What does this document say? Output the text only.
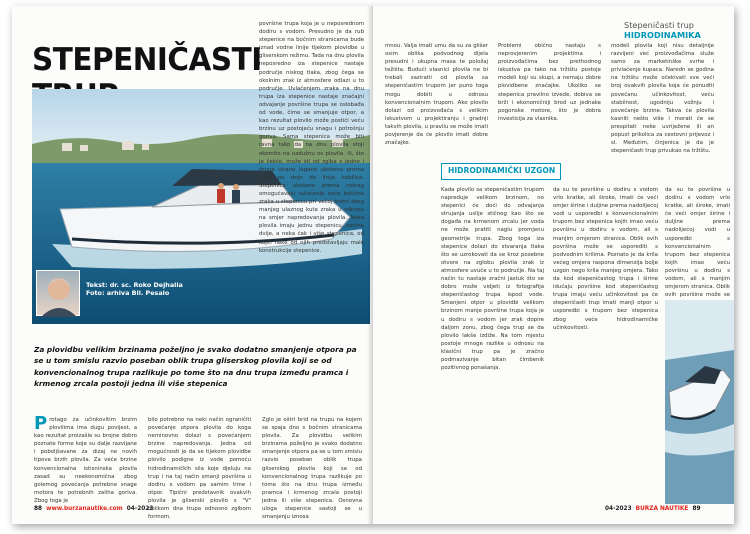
STEPENIČASTI
Tekst: dr. sc. Roko Dejhalla
Foto: arhiva Bll. Pesalo
Za plovidbu velikim brzinama poželjno je svako dodatno smanjenje otpora pa se u tom smislu razvio poseban oblik trupa gliserskog plovila koji se od konvencionalnog trupa razlikuje po tome što na dnu trupa između pramca i krmenog zrcala postoji jedna ili više stepenica
Protago za učinkovitim brzim plovilima ima dugu povijest, a kao rezultat proizašle su brojne dobro poznate forme koje su dalje razvijane i poboljšavane za dizaj ne novih tipova brzih plovila. Za veće brzine konvencionalna istisninska plovila zasad su neekonomična zbog golemog povećanja potrebne snage motora te potrebnih zaliha goriva. Zbog toga je
bilo potrebno na neki način ograničiti povećanje otpora plovila do koga neminovno dolazi s povećanjem brzine napredovanja. Jedna od mogućnosti je da se tijekom plovidbe plovilo podigne iz vode pomoću hidrodinamičkih sila koje djeluju na trup i na taj način smanji površina u dodiru s vodom pa samim time i otpor. Tipični predstavnik ovakvih plovila je gliserski plovilo s "V" oblikom dna trupa odnosno zgibom formom.
Zglo je oštri brid na trupu na kojem se spaja dno s bočnim stranicama plovila. Za plovidbu velikim brzinama poželjno je svako dodatno smanjenje otpora pa se u tom smislu razvio poseban oblik trupa gliserskog plovila koji se od konvencionalnog trupa razlikuje po tome što na dnu trupa između pramca i krmenog zrcala postoji jedna ili više stepenica. Osnovna uloga stepenice sastoji se u smanjenju iznosa
površine trupa koja je u neposrednom dodiru s vodom. Presudno je da rub stepenice na bočnim stranicama bude iznad vodne linije tijekom plovidbe u gliserskom režimu. Tada na dnu plovila neposredno iza stepenice nastaje područje niskog tlaka, zbog čega se okolnim zrak iz atmosfere odlazi u to područje. Uvlačenjem zraka na dnu trupa iza stepenice nastaje značajni odvajanje površine trupa se oslobađa od vode, čime se smanjuje otpor, a kao rezultat plovilo može postići veću brzinu uz postojeću snagu i potrošnju goriva. Sama stepenica može biti ravna tako da na dnu plovila stoji okomito na uzdužnu os plovila, ili, što je češće, može idi od zgiba s jedne i druge strane lagano ukošeno prema krmi po dnje do linije kobilice. Stepenice ukošene prema natrag omogućavaju uvlačenje veće količine zraka u stepenicu pri većoj brzini zbog manjeg ulaznog kuta zraka u odnosu na smjer napredovanja plovila. Neka plovila imaju jednu stepenicu, većina dvije, a neka čak i više stepenica, od kojih neke od njih predstavljaju male konstrukcije stepenice.
88 www.burzanautike.com 04-2023
Stepeničasti trup HIDRODINAMIKA
mnou. Valja imati umu da su za glišer osim oblika podvodnog dijela presudni i ukupna masa te položaj težišta. Budući vlasnici plovila ne bi trebali zaziratii od plovila sa stepeničastim trupom jer puno toga mogu dobiti u odnosu konvencionalnim trupom. Ako plovilo dolazi od proizvođača s velikim iskustvom u projektiranju i gradnji takvih plovila, u pravilu se može imati povjerenje da će plovilo imati dobre značajke.
Problemi obično nastaju s neprovjerenim projektima i proizvođačima bez prethodnog iskustva pa tako na tržištu postoje modeli koji su skupi, a nemaju dobre plovidbene značajke. Ukoliko se stepenica pravilno izvede, dobiva se brži i ekonomičniji brod uz jednake pogonske motore, što je dobra investicija za vlasnika.
modeli plovila koji nisu detaljnije razvijeni već proizvođačima služe samo za marketinške svrhe i privlačenje kupaca. Naredn se godina na tržištu može očekivati sve veći broj ovakvih plovila koja će ponuditi povećanu učinkovitost, veću stabilnost, ugodniju vožnju i povećanje brzine. Takva će plovila kasniti nešto više i morati će se prespitati neke uvriježene ili an popust prikolica za cestovni prijevoz i sl. Međutim, činjenica je da je stepeničasti trup privukao na tržištu.
HIDRODINAMIČKI UZGON
Kada plovilo sa stepeničastim trupom napreduje velikom brzinom, no stepenici će doći do odvajanja strujanja uslije stičnog kao što se događa na krmenom zrcalu jer voda ne može pratiti naglu promjenu geometrije trupa. Zbog toga iza stepenice dolazi do stvaranja tlaka što se uzrokovati da se kroz posebne otvore na zglobu plovila zrak iz atmosfere uvuče u to područje. Na taj način tu nastaje zračni jastuk što se dobro može vidjeti iz fotografija stepeničastog trupa ispod vode. Smanjeni otpor u plovidbi velikom brzinom manje površine trupa koja je u dodiru s vodom jer zrak dopire daljom zonu, zbog čega trup se da plovilo lakše izdiže. Na tom mjestu postoje mnoge razlike u odnosu na klasični trup pa je zračno podmazivanje bitan čimbenik pozitivnog ponašanja.
da su te površine u dodiru s vodom vrlo kratke, ali široke, imati će veći omjer širine i duljine prema nadolijećoj vodi u usporedbi s konvencionalnim trupom bez stepenica kojih imao veću površinu u dodiru s vodom, ali s manjim omjerom stranica. Oblik ovih površina može se usporediti s podvodnim krilima. Poznato je da krila većeg omjera raspona dimenzija bolje uzgon nego krila manjeg omjera. Tako da kod stepeničastog trupa i širine idućaju površine kod stepeničastog trupa imaju veću učinkovitost pa će stepeničasti trup imati manji otpor u usporedbi s trupom bez stepenica zbog veće hidrodinamičke učinkovitosti.
da su te površine u dodiru s vodom vrlo kratke, ali široke, imati će veći omjer širine i duljine prema nadolijećoj vodi u usporedbi s konvencionalnim trupom bez stepenica kojih imao veću površinu u dodiru s vodom, ali s manjim omjerom stranica. Oblik ovih površina može se
04-2023 BURZA NAUTIKE 89
